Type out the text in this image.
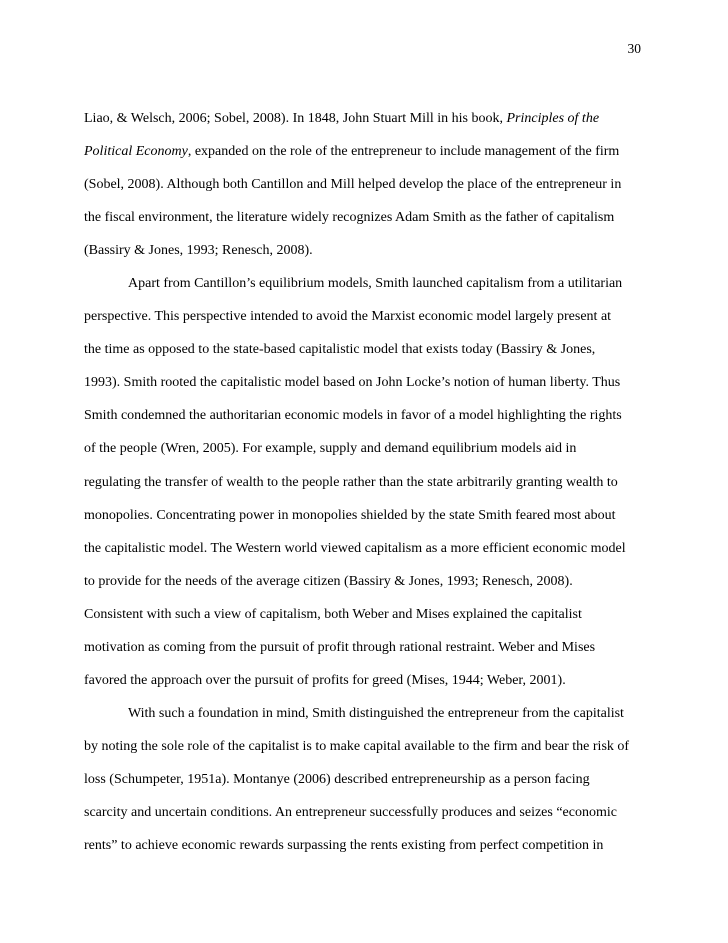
30
Liao, & Welsch, 2006; Sobel, 2008). In 1848, John Stuart Mill in his book, Principles of the
Political Economy, expanded on the role of the entrepreneur to include management of the firm
(Sobel, 2008). Although both Cantillon and Mill helped develop the place of the entrepreneur in
the fiscal environment, the literature widely recognizes Adam Smith as the father of capitalism
(Bassiry & Jones, 1993; Renesch, 2008).
Apart from Cantillon’s equilibrium models, Smith launched capitalism from a utilitarian
perspective. This perspective intended to avoid the Marxist economic model largely present at
the time as opposed to the state-based capitalistic model that exists today (Bassiry & Jones,
1993). Smith rooted the capitalistic model based on John Locke’s notion of human liberty. Thus
Smith condemned the authoritarian economic models in favor of a model highlighting the rights
of the people (Wren, 2005). For example, supply and demand equilibrium models aid in
regulating the transfer of wealth to the people rather than the state arbitrarily granting wealth to
monopolies. Concentrating power in monopolies shielded by the state Smith feared most about
the capitalistic model. The Western world viewed capitalism as a more efficient economic model
to provide for the needs of the average citizen (Bassiry & Jones, 1993; Renesch, 2008).
Consistent with such a view of capitalism, both Weber and Mises explained the capitalist
motivation as coming from the pursuit of profit through rational restraint. Weber and Mises
favored the approach over the pursuit of profits for greed (Mises, 1944; Weber, 2001).
With such a foundation in mind, Smith distinguished the entrepreneur from the capitalist
by noting the sole role of the capitalist is to make capital available to the firm and bear the risk of
loss (Schumpeter, 1951a). Montanye (2006) described entrepreneurship as a person facing
scarcity and uncertain conditions. An entrepreneur successfully produces and seizes “economic
rents” to achieve economic rewards surpassing the rents existing from perfect competition in
